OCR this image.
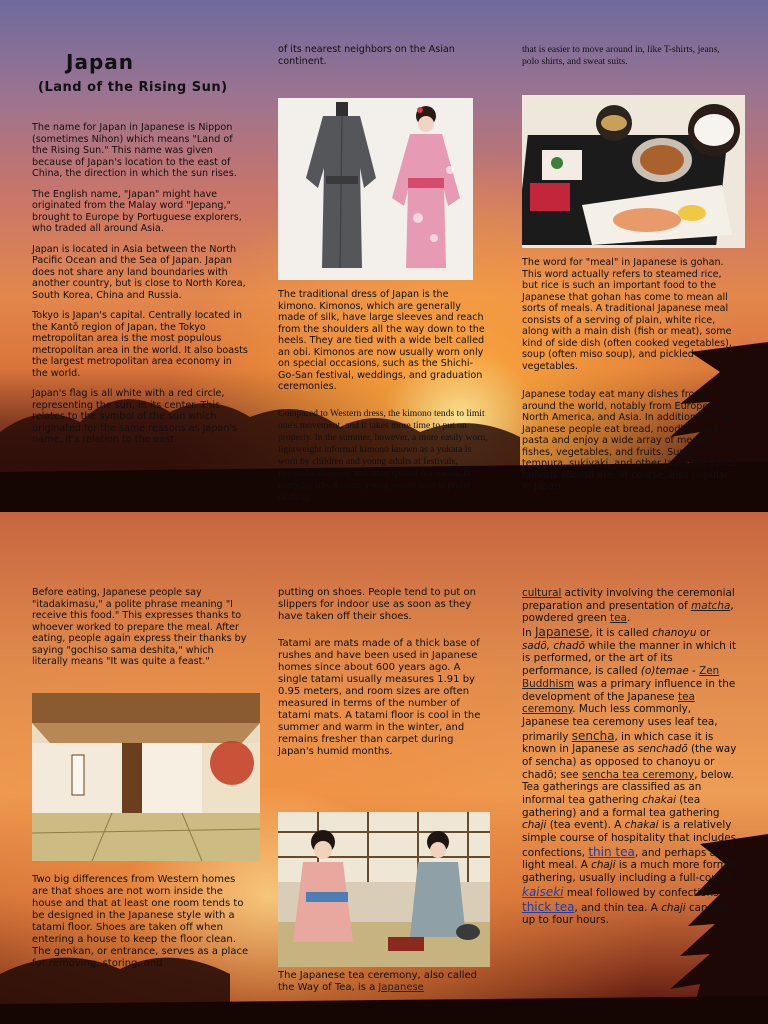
Japan
(Land of the Rising Sun)

The name for Japan in Japanese is Nippon (sometimes Nihon) which means "Land of the Rising Sun." This name was given because of Japan's location to the east of China, the direction in which the sun rises.

The English name, "Japan" might have originated from the Malay word "Jepang," brought to Europe by Portuguese explorers, who traded all around Asia.

Japan is located in Asia between the North Pacific Ocean and the Sea of Japan. Japan does not share any land boundaries with another country, but is close to North Korea, South Korea, China and Russia.

Tokyo is Japan's capital. Centrally located in the Kantō region of Japan, the Tokyo metropolitan area is the most populous metropolitan area in the world. It also boasts the largest metropolitan area economy in the world.

Japan's flag is all white with a red circle, representing the sun, in its center. This relates to the symbol of the sun which originated for the same reasons as Japan's name, it's relation to the east.

of its nearest neighbors on the Asian continent.
The traditional dress of Japan is the kimono. Kimonos, which are generally made of silk, have large sleeves and reach from the shoulders all the way down to the heels. They are tied with a wide belt called an obi. Kimonos are now usually worn only on special occasions, such as the Shichi-Go-San festival, weddings, and graduation ceremonies.
Compared to Western dress, the kimono tends to limit one's movement, and it takes more time to put on properly. In the summer, however, a more easily worn, lightweight informal kimono known as a yukata is worn by children and young adults at festivals, fireworks displays, and other special occasions. In everyday life, though, young people tend to prefer clothing
that is easier to move around in, like T-shirts, jeans, polo shirts, and sweat suits.
The word for "meal" in Japanese is gohan. This word actually refers to steamed rice, but rice is such an important food to the Japanese that gohan has come to mean all sorts of meals. A traditional Japanese meal consists of a serving of plain, white rice, along with a main dish (fish or meat), some kind of side dish (often cooked vegetables), soup (often miso soup), and pickled vegetables.
Japanese today eat many dishes from around the world, notably from Europe, North America, and Asia. In addition to rice, Japanese people eat bread, noodles, and pasta and enjoy a wide array of meats, fishes, vegetables, and fruits. Sushi, tempura, sukiyaki, and other Japanese foods famous abroad are, of course, also popular in Japan.
Before eating, Japanese people say "itadakimasu," a polite phrase meaning "I receive this food." This expresses thanks to whoever worked to prepare the meal. After eating, people again express their thanks by saying "gochiso sama deshita," which literally means "It was quite a feast."
Two big differences from Western homes are that shoes are not worn inside the house and that at least one room tends to be designed in the Japanese style with a tatami floor. Shoes are taken off when entering a house to keep the floor clean. The genkan, or entrance, serves as a place for removing, storing, and
putting on shoes. People tend to put on slippers for indoor use as soon as they have taken off their shoes.
Tatami are mats made of a thick base of rushes and have been used in Japanese homes since about 600 years ago. A single tatami usually measures 1.91 by 0.95 meters, and room sizes are often measured in terms of the number of tatami mats. A tatami floor is cool in the summer and warm in the winter, and remains fresher than carpet during Japan's humid months.
The Japanese tea ceremony, also called the Way of Tea, is a Japanese
cultural activity involving the ceremonial preparation and presentation of matcha, powdered green tea.
In Japanese, it is called chanoyu or sadō, chadō while the manner in which it is performed, or the art of its performance, is called (o)temae - Zen Buddhism was a primary influence in the development of the Japanese tea ceremony. Much less commonly, Japanese tea ceremony uses leaf tea, primarily sencha, in which case it is known in Japanese as senchadō (the way of sencha) as opposed to chanoyu or chadō; see sencha tea ceremony, below.
Tea gatherings are classified as an informal tea gathering chakai (tea gathering) and a formal tea gathering chaji (tea event). A chakai is a relatively simple course of hospitality that includes confections, thin tea, and perhaps a light meal. A chaji is a much more formal gathering, usually including a full-course kaiseki meal followed by confections, thick tea, and thin tea. A chaji can last up to four hours.
